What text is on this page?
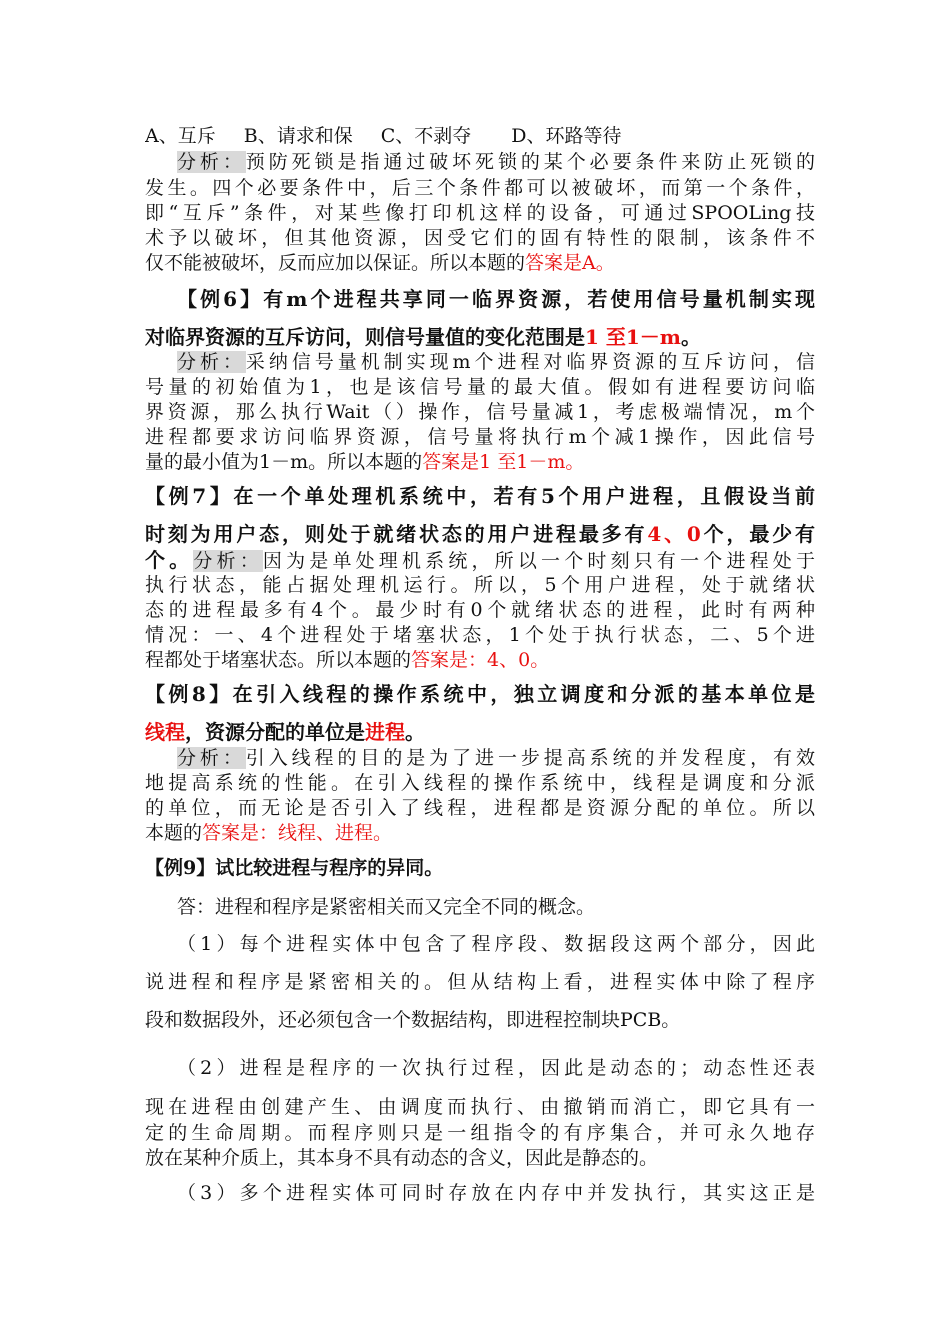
A、互斥 B、请求和保 C、不剥夺 D、环路等待
分析：预防死锁是指通过破坏死锁的某个必要条件来防止死锁的
发生。四个必要条件中，后三个条件都可以被破坏，而第一个条件，
即“互斥”条件，对某些像打印机这样的设备，可通过SPOOLing技
术予以破坏，但其他资源，因受它们的固有特性的限制，该条件不
仅不能被破坏，反而应加以保证。所以本题的答案是A。
【例6】有m个进程共享同一临界资源，若使用信号量机制实现
对临界资源的互斥访问，则信号量值的变化范围是1 至1－m。
分析：采纳信号量机制实现m个进程对临界资源的互斥访问，信
号量的初始值为1，也是该信号量的最大值。假如有进程要访问临
界资源，那么执行Wait（）操作，信号量减1，考虑极端情况，m个
进程都要求访问临界资源，信号量将执行m个减1操作，因此信号
量的最小值为1－m。所以本题的答案是1 至1－m。
【例7】在一个单处理机系统中，若有5个用户进程，且假设当前
时刻为用户态，则处于就绪状态的用户进程最多有4、0个，最少有
个。分析：因为是单处理机系统，所以一个时刻只有一个进程处于
执行状态，能占据处理机运行。所以，5个用户进程，处于就绪状
态的进程最多有4个。最少时有0个就绪状态的进程，此时有两种
情况：一、4个进程处于堵塞状态，1个处于执行状态，二、5个进
程都处于堵塞状态。所以本题的答案是：4、0。
【例8】在引入线程的操作系统中，独立调度和分派的基本单位是
线程，资源分配的单位是进程。
分析：引入线程的目的是为了进一步提高系统的并发程度，有效
地提高系统的性能。在引入线程的操作系统中，线程是调度和分派
的单位，而无论是否引入了线程，进程都是资源分配的单位。所以
本题的答案是：线程、进程。
【例9】试比较进程与程序的异同。
答：进程和程序是紧密相关而又完全不同的概念。
（1）每个进程实体中包含了程序段、数据段这两个部分，因此
说进程和程序是紧密相关的。但从结构上看，进程实体中除了程序
段和数据段外，还必须包含一个数据结构，即进程控制块PCB。
（2）进程是程序的一次执行过程，因此是动态的；动态性还表
现在进程由创建产生、由调度而执行、由撤销而消亡，即它具有一
定的生命周期。而程序则只是一组指令的有序集合，并可永久地存
放在某种介质上，其本身不具有动态的含义，因此是静态的。
（3）多个进程实体可同时存放在内存中并发执行，其实这正是
